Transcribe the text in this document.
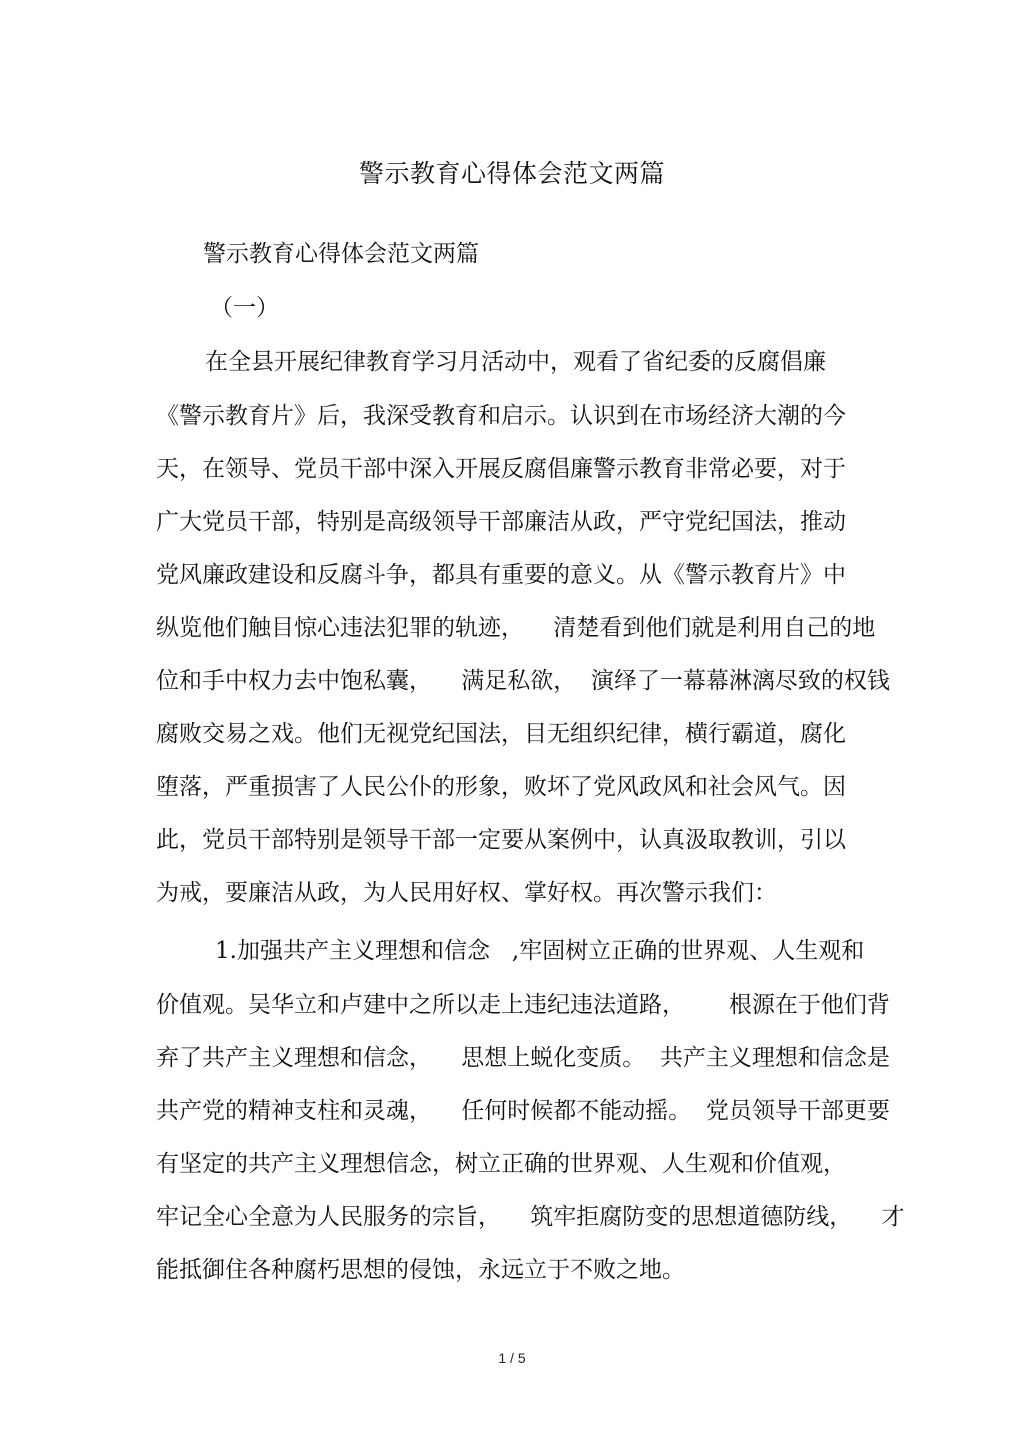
警示教育心得体会范文两篇
警示教育心得体会范文两篇
（一）
在全县开展纪律教育学习月活动中，观看了省纪委的反腐倡廉
《警示教育片》后，我深受教育和启示。认识到在市场经济大潮的今
天，在领导、党员干部中深入开展反腐倡廉警示教育非常必要，对于
广大党员干部，特别是高级领导干部廉洁从政，严守党纪国法，推动
党风廉政建设和反腐斗争，都具有重要的意义。从《警示教育片》中
纵览他们触目惊心违法犯罪的轨迹，    清楚看到他们就是利用自己的地
位和手中权力去中饱私囊，    满足私欲，  演绎了一幕幕淋漓尽致的权钱
腐败交易之戏。他们无视党纪国法，目无组织纪律，横行霸道，腐化
堕落，严重损害了人民公仆的形象，败坏了党风政风和社会风气。因
此，党员干部特别是领导干部一定要从案例中，认真汲取教训，引以
为戒，要廉洁从政，为人民用好权、掌好权。再次警示我们：
1.加强共产主义理想和信念   ,牢固树立正确的世界观、人生观和
价值观。吴华立和卢建中之所以走上违纪违法道路，      根源在于他们背
弃了共产主义理想和信念，    思想上蜕化变质。  共产主义理想和信念是
共产党的精神支柱和灵魂，    任何时候都不能动摇。  党员领导干部更要
有坚定的共产主义理想信念，树立正确的世界观、人生观和价值观，
牢记全心全意为人民服务的宗旨，    筑牢拒腐防变的思想道德防线，    才
能抵御住各种腐朽思想的侵蚀，永远立于不败之地。
1 / 5
